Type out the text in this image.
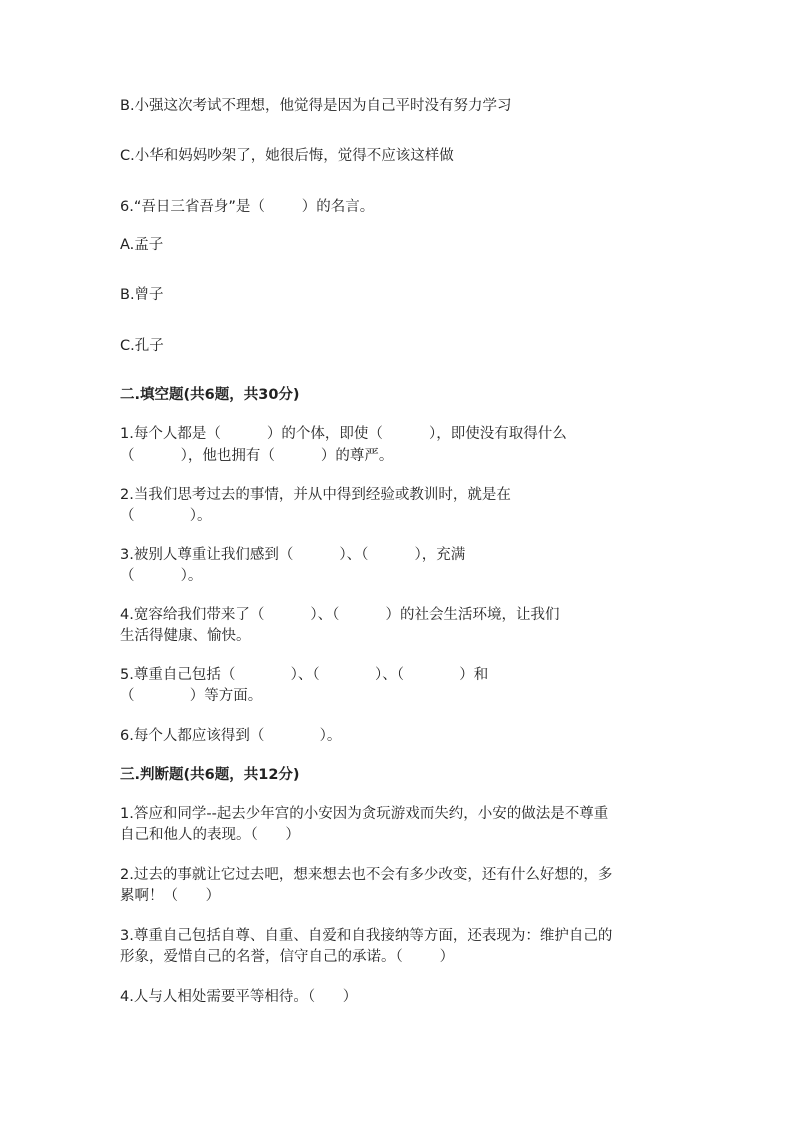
B.小强这次考试不理想，他觉得是因为自己平时没有努力学习

C.小华和妈妈吵架了，她很后悔，觉得不应该这样做

6.“吾日三省吾身”是（        ）的名言。

A.孟子

B.曾子

C.孔子

二.填空题(共6题，共30分)

1.每个人都是（          ）的个体，即使（          ），即使没有取得什么

（          ），他也拥有（          ）的尊严。

2.当我们思考过去的事情，并从中得到经验或教训时，就是在

（            ）。

3.被别人尊重让我们感到（          ）、（          ），充满

（          ）。

4.宽容给我们带来了（          ）、（          ）的社会生活环境，让我们

生活得健康、愉快。

5.尊重自己包括（            ）、（            ）、（            ）和

（            ）等方面。

6.每个人都应该得到（            ）。

三.判断题(共6题，共12分)

1.答应和同学--起去少年宫的小安因为贪玩游戏而失约，小安的做法是不尊重

自己和他人的表现。（      ）

2.过去的事就让它过去吧，想来想去也不会有多少改变，还有什么好想的，多

累啊！（      ）

3.尊重自己包括自尊、自重、自爱和自我接纳等方面，还表现为：维护自己的

形象，爱惜自己的名誉，信守自己的承诺。（        ）

4.人与人相处需要平等相待。（      ）
